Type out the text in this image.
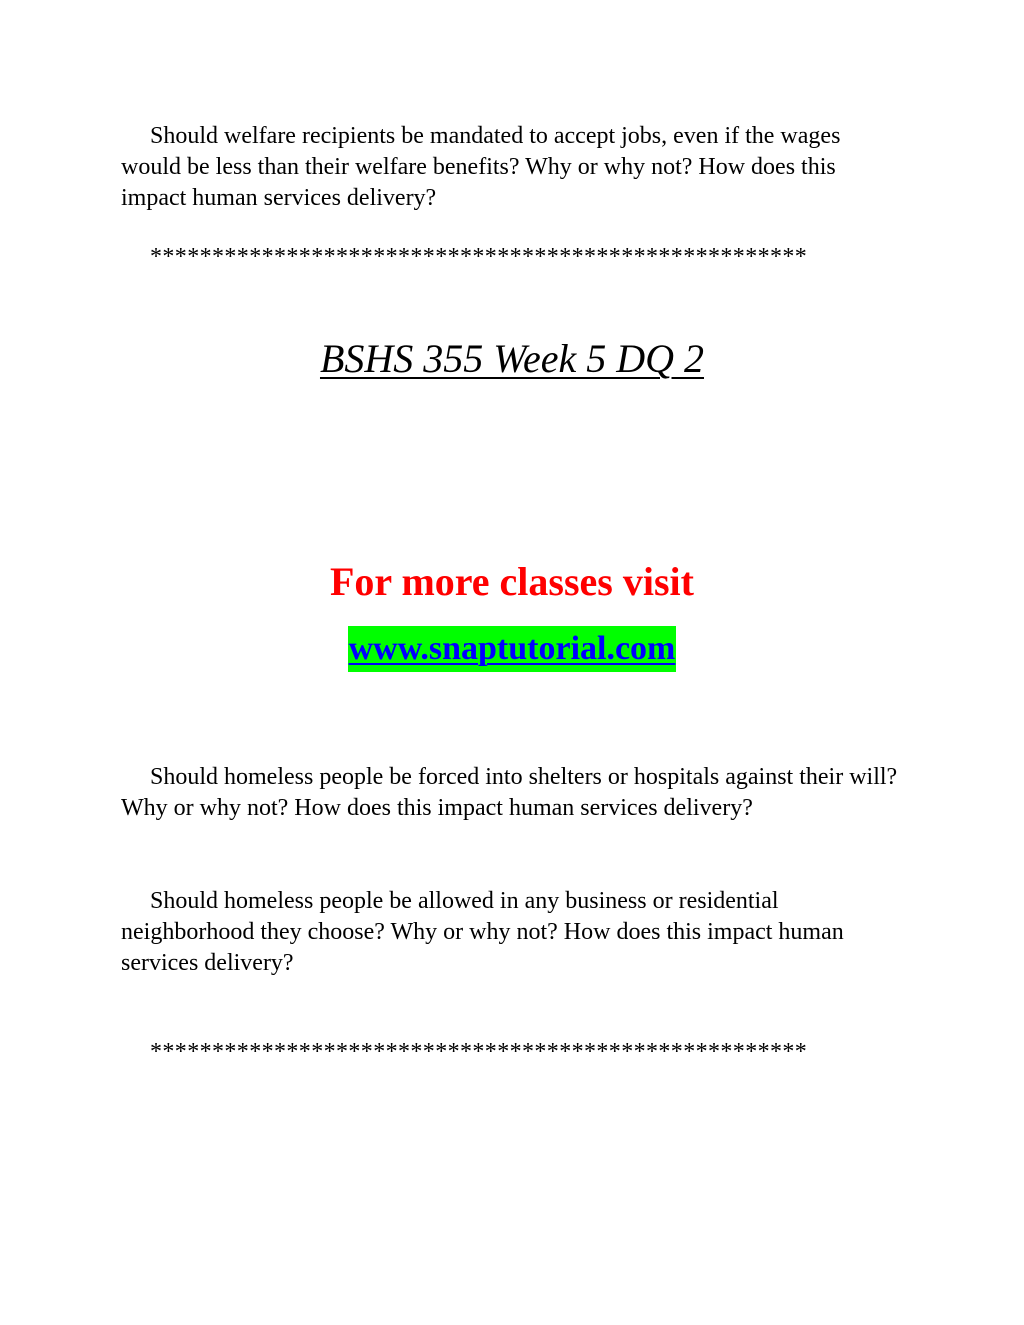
Should welfare recipients be mandated to accept jobs, even if the wages would be less than their welfare benefits? Why or why not? How does this impact human services delivery?

*****************************************************

BSHS 355 Week 5 DQ 2
For more classes visit
www.snaptutorial.com

Should homeless people be forced into shelters or hospitals against their will? Why or why not? How does this impact human services delivery?

Should homeless people be allowed in any business or residential neighborhood they choose? Why or why not? How does this impact human services delivery?

*****************************************************
